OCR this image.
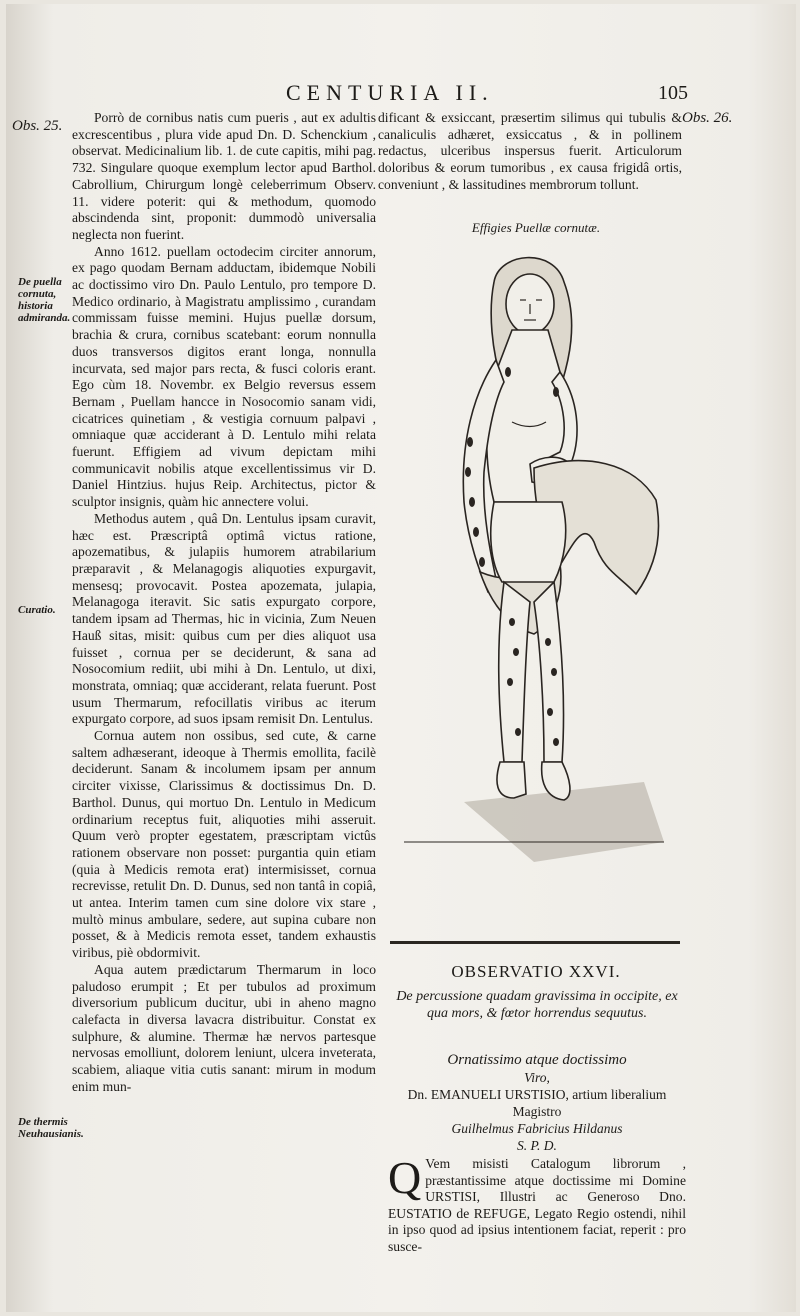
CENTURIA II.	105
Obs. 25.	Obs. 26.
De puella cornuta, historia admiranda.
Curatio.
De thermis Neuhausianis.

Porrò de cornibus natis cum pueris , aut ex adultis excrescentibus , plura vide apud Dn. D. Schenckium , observat. Medicinalium lib. 1. de cute capitis, mihi pag. 732. Singulare quoque exemplum lector apud Barthol. Cabrollium, Chirurgum longè celeberrimum Observ. 11. videre poterit: qui & methodum, quomodo abscindenda sint, proponit: dummodò universalia neglecta non fuerint.

Anno 1612. puellam octodecim circiter annorum, ex pago quodam Bernam adductam, ibidemque Nobili ac doctissimo viro Dn. Paulo Lentulo, pro tempore D. Medico ordinario, à Magistratu amplissimo , curandam commissam fuisse memini. Hujus puellæ dorsum, brachia & crura, cornibus scatebant: eorum nonnulla duos transversos digitos erant longa, nonnulla incurvata, sed major pars recta, & fusci coloris erant. Ego cùm 18. Novembr. ex Belgio reversus essem Bernam , Puellam hancce in Nosocomio sanam vidi, cicatrices quinetiam , & vestigia cornuum palpavi , omniaque quæ acciderant à D. Lentulo mihi relata fuerunt. Effigiem ad vivum depictam mihi communicavit nobilis atque excellentissimus vir D. Daniel Hintzius. hujus Reip. Architectus, pictor & sculptor insignis, quàm hic annectere volui.

Methodus autem , quâ Dn. Lentulus ipsam curavit, hæc est. Præscriptâ optimâ victus ratione, apozematibus, & julapiis humorem atrabilarium præparavit , & Melanagogis aliquoties expurgavit, mensesq; provocavit. Postea apozemata, julapia, Melanagoga iteravit. Sic satis expurgato corpore, tandem ipsam ad Thermas, hic in vicinia, Zum Neuen Hauß sitas, misit: quibus cum per dies aliquot usa fuisset , cornua per se deciderunt, & sana ad Nosocomium rediit, ubi mihi à Dn. Lentulo, ut dixi, monstrata, omniaq; quæ acciderant, relata fuerunt. Post usum Thermarum, refocillatis viribus ac iterum expurgato corpore, ad suos ipsam remisit Dn. Lentulus.

Cornua autem non ossibus, sed cute, & carne saltem adhæserant, ideoque à Thermis emollita, facilè deciderunt. Sanam & incolumem ipsam per annum circiter vixisse, Clarissimus & doctissimus Dn. D. Barthol. Dunus, qui mortuo Dn. Lentulo in Medicum ordinarium receptus fuit, aliquoties mihi asseruit. Quum verò propter egestatem, præscriptam victûs rationem observare non posset: purgantia quin etiam (quia à Medicis remota erat) intermisisset, cornua recrevisse, retulit Dn. D. Dunus, sed non tantâ in copiâ, ut antea. Interim tamen cum sine dolore vix stare , multò minus ambulare, sedere, aut supina cubare non posset, & à Medicis remota esset, tandem exhaustis viribus, piè obdormivit.

Aqua autem prædictarum Thermarum in loco paludoso erumpit ; Et per tubulos ad proximum diversorium publicum ducitur, ubi in aheno magno calefacta in diversa lavacra distribuitur. Constat ex sulphure, & alumine. Thermæ hæ nervos partesque nervosas emolliunt, dolorem leniunt, ulcera inveterata, scabiem, aliaque vitia cutis sanant: mirum in modum enim mun-

dificant & exsiccant, præsertim silimus qui tubulis & canaliculis adhæret, exsiccatus , & in pollinem redactus, ulceribus inspersus fuerit. Articulorum doloribus & eorum tumoribus , ex causa frigidâ ortis, conveniunt , & lassitudines membrorum tollunt.

Effigies Puellæ cornutæ.
OBSERVATIO XXVI.
De percussione quadam gravissima in occipite, ex qua mors, & fœtor horrendus sequutus.
Ornatissimo atque doctissimo
Viro,
Dn. EMANUELI URSTISIO, artium liberalium Magistro
Guilhelmus Fabricius Hildanus
S. P. D.
Q Vem misisti Catalogum librorum , præstantissime atque doctissime mi Domine URSTISI, Illustri ac Generoso Dno. EUSTATIO de REFUGE, Legato Regio ostendi, nihil in ipso quod ad ipsius intentionem faciat, reperit : pro susce-
